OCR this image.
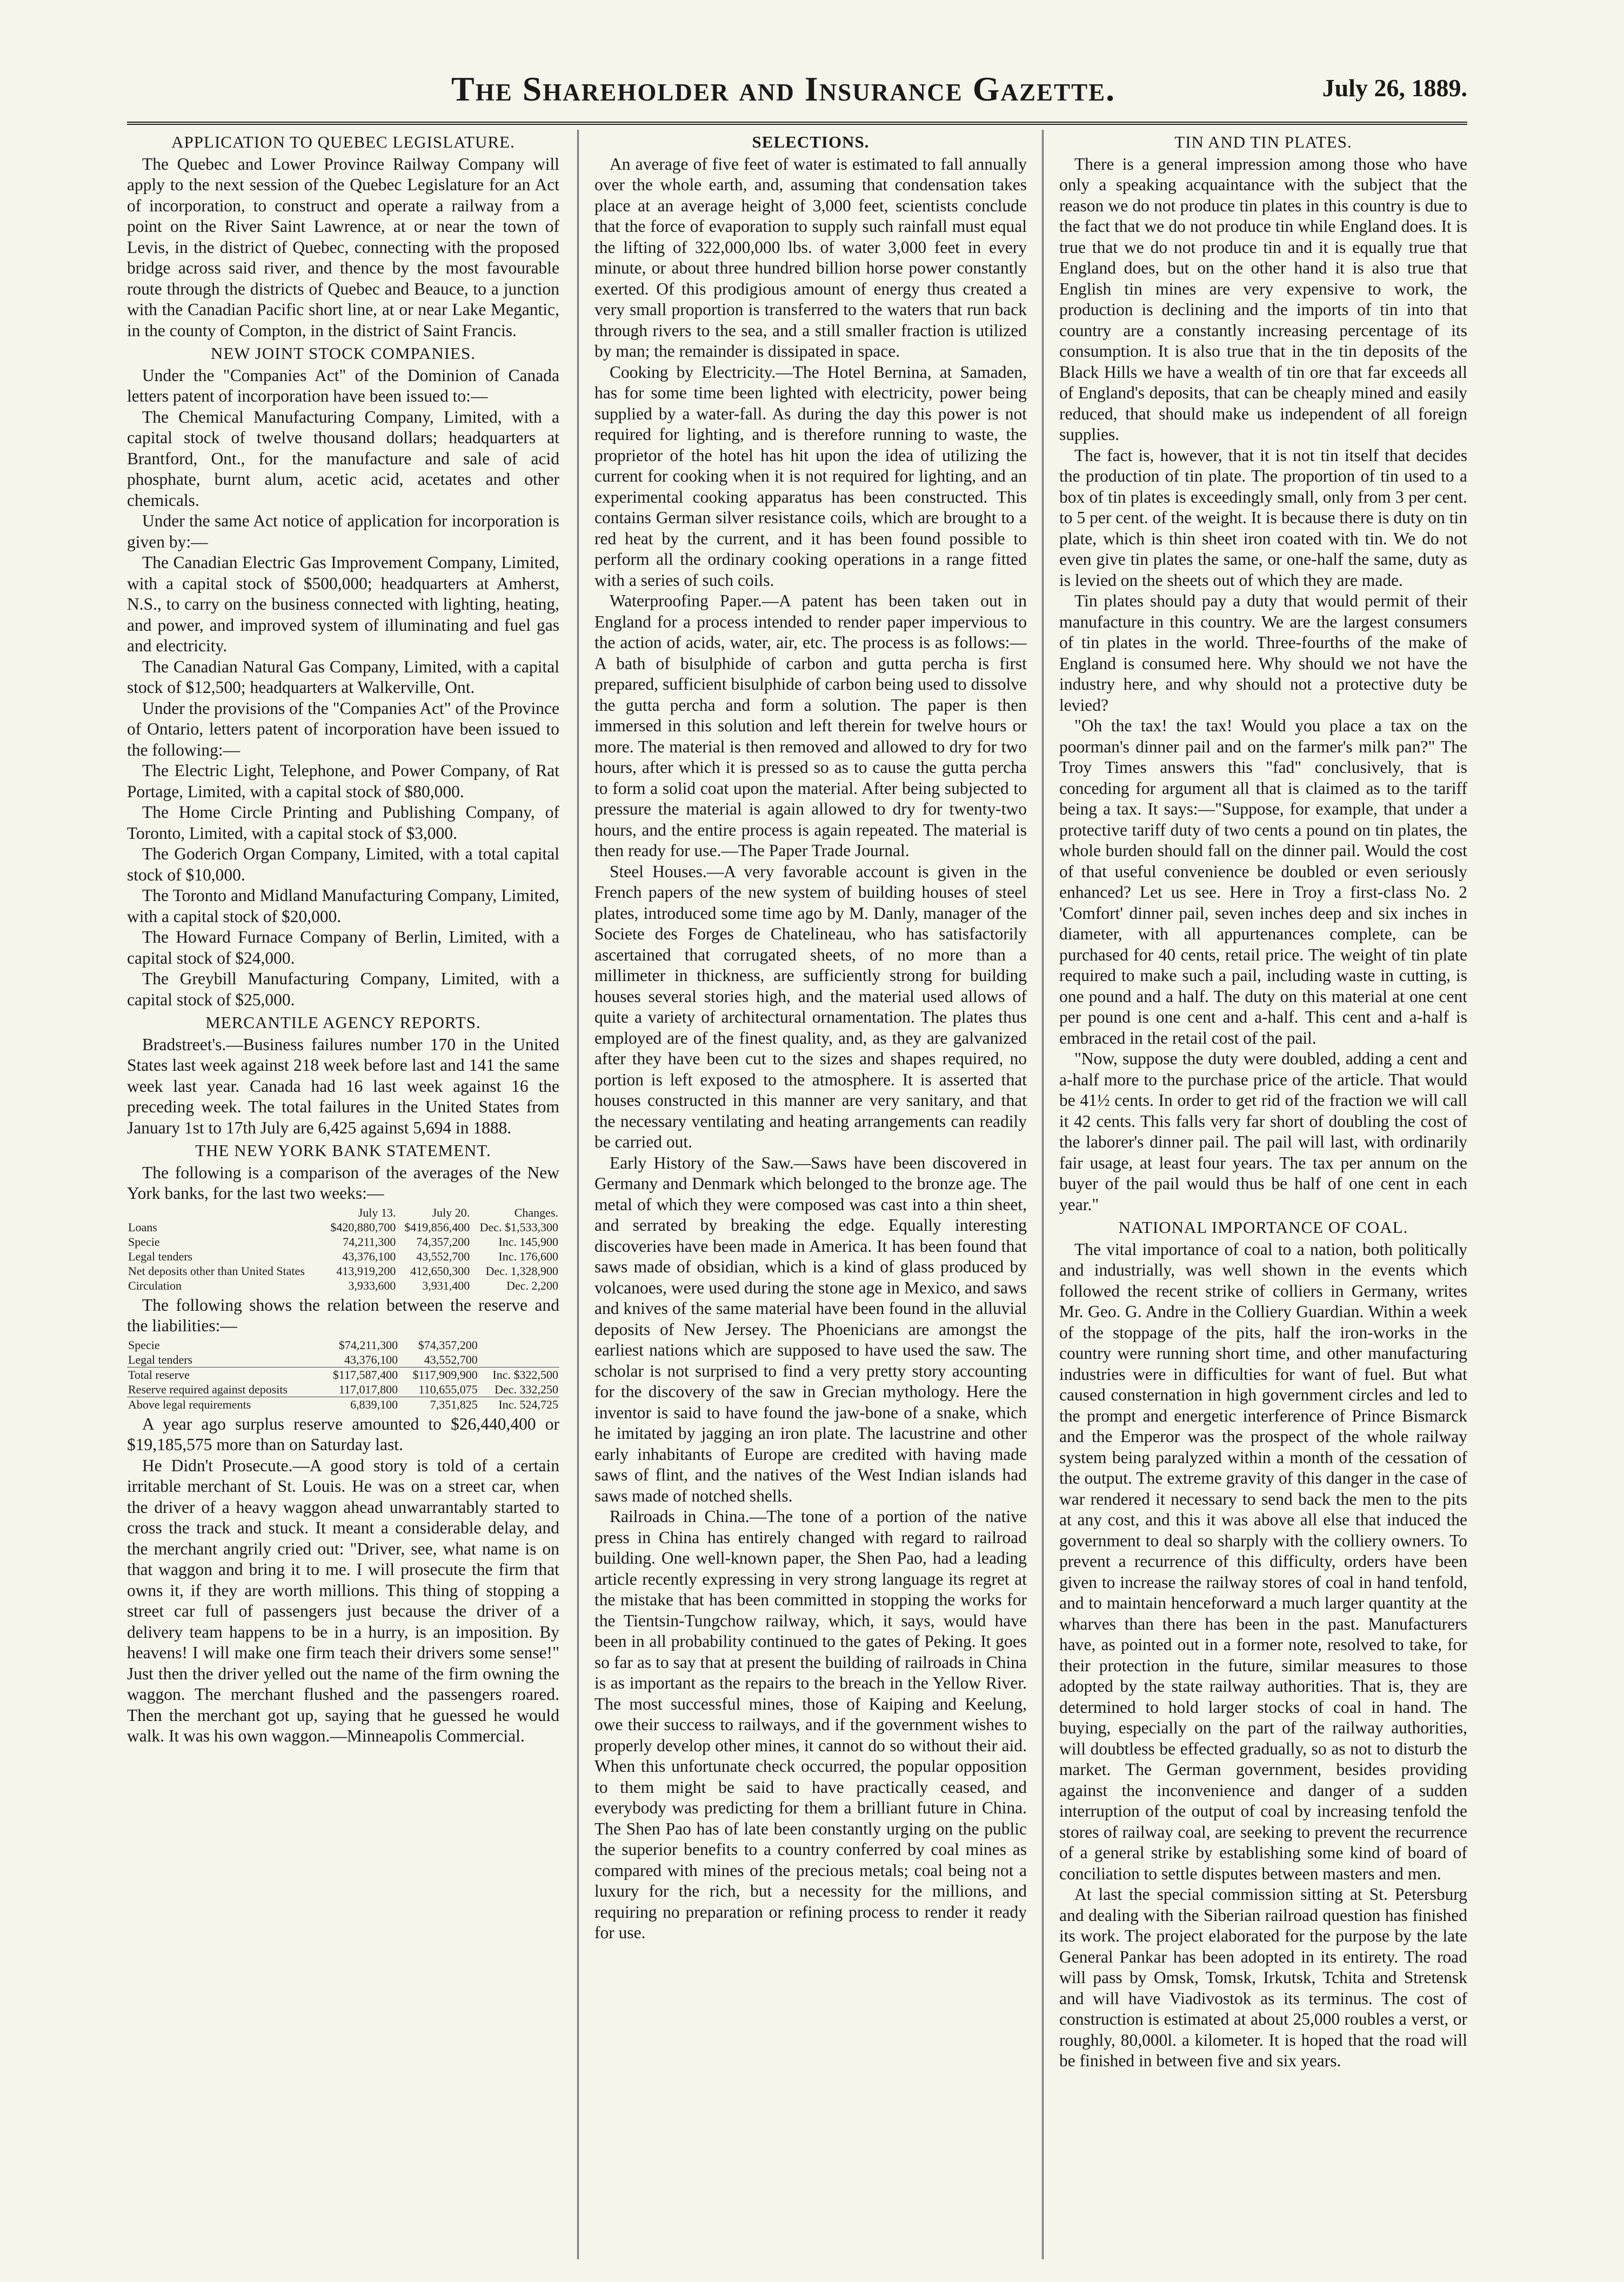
The Shareholder and Insurance Gazette.	July 26, 1889.
APPLICATION TO QUEBEC LEGISLATURE.

The Quebec and Lower Province Railway Company will apply to the next session of the Quebec Legislature for an Act of incorporation, to construct and operate a railway from a point on the River Saint Lawrence, at or near the town of Levis, in the district of Quebec, connecting with the proposed bridge across said river, and thence by the most favourable route through the districts of Quebec and Beauce, to a junction with the Canadian Pacific short line, at or near Lake Megantic, in the county of Compton, in the district of Saint Francis.

NEW JOINT STOCK COMPANIES.

Under the "Companies Act" of the Dominion of Canada letters patent of incorporation have been issued to:—

The Chemical Manufacturing Company, Limited, with a capital stock of twelve thousand dollars; headquarters at Brantford, Ont., for the manufacture and sale of acid phosphate, burnt alum, acetic acid, acetates and other chemicals.

Under the same Act notice of application for incorporation is given by:—

The Canadian Electric Gas Improvement Company, Limited, with a capital stock of $500,000; headquarters at Amherst, N.S., to carry on the business connected with lighting, heating, and power, and improved system of illuminating and fuel gas and electricity.

The Canadian Natural Gas Company, Limited, with a capital stock of $12,500; headquarters at Walkerville, Ont.

Under the provisions of the "Companies Act" of the Province of Ontario, letters patent of incorporation have been issued to the following:—

The Electric Light, Telephone, and Power Company, of Rat Portage, Limited, with a capital stock of $80,000.

The Home Circle Printing and Publishing Company, of Toronto, Limited, with a capital stock of $3,000.

The Goderich Organ Company, Limited, with a total capital stock of $10,000.

The Toronto and Midland Manufacturing Company, Limited, with a capital stock of $20,000.

The Howard Furnace Company of Berlin, Limited, with a capital stock of $24,000.

The Greybill Manufacturing Company, Limited, with a capital stock of $25,000.

MERCANTILE AGENCY REPORTS.

Bradstreet's.—Business failures number 170 in the United States last week against 218 week before last and 141 the same week last year. Canada had 16 last week against 16 the preceding week. The total failures in the United States from January 1st to 17th July are 6,425 against 5,694 in 1888.

THE NEW YORK BANK STATEMENT.

The following is a comparison of the averages of the New York banks, for the last two weeks:—

	July 13.	July 20.	Changes.
Loans	$420,880,700	$419,856,400	Dec. $1,533,300
Specie	74,211,300	74,357,200	Inc. 145,900
Legal tenders	43,376,100	43,552,700	Inc. 176,600
Net deposits other than United States	413,919,200	412,650,300	Dec. 1,328,900
Circulation	3,933,600	3,931,400	Dec. 2,200

The following shows the relation between the reserve and the liabilities:—

Specie	$74,211,300	$74,357,200	
Legal tenders	43,376,100	43,552,700	
Total reserve	$117,587,400	$117,909,900	Inc. $322,500
Reserve required against deposits	117,017,800	110,655,075	Dec. 332,250
Above legal requirements	6,839,100	7,351,825	Inc. 524,725

A year ago surplus reserve amounted to $26,440,400 or $19,185,575 more than on Saturday last.

He Didn't Prosecute.—A good story is told of a certain irritable merchant of St. Louis. He was on a street car, when the driver of a heavy waggon ahead unwarrantably started to cross the track and stuck. It meant a considerable delay, and the merchant angrily cried out: "Driver, see, what name is on that waggon and bring it to me. I will prosecute the firm that owns it, if they are worth millions. This thing of stopping a street car full of passengers just because the driver of a delivery team happens to be in a hurry, is an imposition. By heavens! I will make one firm teach their drivers some sense!" Just then the driver yelled out the name of the firm owning the waggon. The merchant flushed and the passengers roared. Then the merchant got up, saying that he guessed he would walk. It was his own waggon.—Minneapolis Commercial.

SELECTIONS.

An average of five feet of water is estimated to fall annually over the whole earth, and, assuming that condensation takes place at an average height of 3,000 feet, scientists conclude that the force of evaporation to supply such rainfall must equal the lifting of 322,000,000 lbs. of water 3,000 feet in every minute, or about three hundred billion horse power constantly exerted. Of this prodigious amount of energy thus created a very small proportion is transferred to the waters that run back through rivers to the sea, and a still smaller fraction is utilized by man; the remainder is dissipated in space.

Cooking by Electricity.—The Hotel Bernina, at Samaden, has for some time been lighted with electricity, power being supplied by a water-fall. As during the day this power is not required for lighting, and is therefore running to waste, the proprietor of the hotel has hit upon the idea of utilizing the current for cooking when it is not required for lighting, and an experimental cooking apparatus has been constructed. This contains German silver resistance coils, which are brought to a red heat by the current, and it has been found possible to perform all the ordinary cooking operations in a range fitted with a series of such coils.

Waterproofing Paper.—A patent has been taken out in England for a process intended to render paper impervious to the action of acids, water, air, etc. The process is as follows:—A bath of bisulphide of carbon and gutta percha is first prepared, sufficient bisulphide of carbon being used to dissolve the gutta percha and form a solution. The paper is then immersed in this solution and left therein for twelve hours or more. The material is then removed and allowed to dry for two hours, after which it is pressed so as to cause the gutta percha to form a solid coat upon the material. After being subjected to pressure the material is again allowed to dry for twenty-two hours, and the entire process is again repeated. The material is then ready for use.—The Paper Trade Journal.

Steel Houses.—A very favorable account is given in the French papers of the new system of building houses of steel plates, introduced some time ago by M. Danly, manager of the Societe des Forges de Chatelineau, who has satisfactorily ascertained that corrugated sheets, of no more than a millimeter in thickness, are sufficiently strong for building houses several stories high, and the material used allows of quite a variety of architectural ornamentation. The plates thus employed are of the finest quality, and, as they are galvanized after they have been cut to the sizes and shapes required, no portion is left exposed to the atmosphere. It is asserted that houses constructed in this manner are very sanitary, and that the necessary ventilating and heating arrangements can readily be carried out.

Early History of the Saw.—Saws have been discovered in Germany and Denmark which belonged to the bronze age. The metal of which they were composed was cast into a thin sheet, and serrated by breaking the edge. Equally interesting discoveries have been made in America. It has been found that saws made of obsidian, which is a kind of glass produced by volcanoes, were used during the stone age in Mexico, and saws and knives of the same material have been found in the alluvial deposits of New Jersey. The Phoenicians are amongst the earliest nations which are supposed to have used the saw. The scholar is not surprised to find a very pretty story accounting for the discovery of the saw in Grecian mythology. Here the inventor is said to have found the jaw-bone of a snake, which he imitated by jagging an iron plate. The lacustrine and other early inhabitants of Europe are credited with having made saws of flint, and the natives of the West Indian islands had saws made of notched shells.

Railroads in China.—The tone of a portion of the native press in China has entirely changed with regard to railroad building. One well-known paper, the Shen Pao, had a leading article recently expressing in very strong language its regret at the mistake that has been committed in stopping the works for the Tientsin-Tungchow railway, which, it says, would have been in all probability continued to the gates of Peking. It goes so far as to say that at present the building of railroads in China is as important as the repairs to the breach in the Yellow River. The most successful mines, those of Kaiping and Keelung, owe their success to railways, and if the government wishes to properly develop other mines, it cannot do so without their aid. When this unfortunate check occurred, the popular opposition to them might be said to have practically ceased, and everybody was predicting for them a brilliant future in China. The Shen Pao has of late been constantly urging on the public the superior benefits to a country conferred by coal mines as compared with mines of the precious metals; coal being not a luxury for the rich, but a necessity for the millions, and requiring no preparation or refining process to render it ready for use.

TIN AND TIN PLATES.

There is a general impression among those who have only a speaking acquaintance with the subject that the reason we do not produce tin plates in this country is due to the fact that we do not produce tin while England does. It is true that we do not produce tin and it is equally true that England does, but on the other hand it is also true that English tin mines are very expensive to work, the production is declining and the imports of tin into that country are a constantly increasing percentage of its consumption. It is also true that in the tin deposits of the Black Hills we have a wealth of tin ore that far exceeds all of England's deposits, that can be cheaply mined and easily reduced, that should make us independent of all foreign supplies.

The fact is, however, that it is not tin itself that decides the production of tin plate. The proportion of tin used to a box of tin plates is exceedingly small, only from 3 per cent. to 5 per cent. of the weight. It is because there is duty on tin plate, which is thin sheet iron coated with tin. We do not even give tin plates the same, or one-half the same, duty as is levied on the sheets out of which they are made.

Tin plates should pay a duty that would permit of their manufacture in this country. We are the largest consumers of tin plates in the world. Three-fourths of the make of England is consumed here. Why should we not have the industry here, and why should not a protective duty be levied?

"Oh the tax! the tax! Would you place a tax on the poorman's dinner pail and on the farmer's milk pan?" The Troy Times answers this "fad" conclusively, that is conceding for argument all that is claimed as to the tariff being a tax. It says:—"Suppose, for example, that under a protective tariff duty of two cents a pound on tin plates, the whole burden should fall on the dinner pail. Would the cost of that useful convenience be doubled or even seriously enhanced? Let us see. Here in Troy a first-class No. 2 'Comfort' dinner pail, seven inches deep and six inches in diameter, with all appurtenances complete, can be purchased for 40 cents, retail price. The weight of tin plate required to make such a pail, including waste in cutting, is one pound and a half. The duty on this material at one cent per pound is one cent and a-half. This cent and a-half is embraced in the retail cost of the pail.

"Now, suppose the duty were doubled, adding a cent and a-half more to the purchase price of the article. That would be 41½ cents. In order to get rid of the fraction we will call it 42 cents. This falls very far short of doubling the cost of the laborer's dinner pail. The pail will last, with ordinarily fair usage, at least four years. The tax per annum on the buyer of the pail would thus be half of one cent in each year."

NATIONAL IMPORTANCE OF COAL.

The vital importance of coal to a nation, both politically and industrially, was well shown in the events which followed the recent strike of colliers in Germany, writes Mr. Geo. G. Andre in the Colliery Guardian. Within a week of the stoppage of the pits, half the iron-works in the country were running short time, and other manufacturing industries were in difficulties for want of fuel. But what caused consternation in high government circles and led to the prompt and energetic interference of Prince Bismarck and the Emperor was the prospect of the whole railway system being paralyzed within a month of the cessation of the output. The extreme gravity of this danger in the case of war rendered it necessary to send back the men to the pits at any cost, and this it was above all else that induced the government to deal so sharply with the colliery owners. To prevent a recurrence of this difficulty, orders have been given to increase the railway stores of coal in hand tenfold, and to maintain henceforward a much larger quantity at the wharves than there has been in the past. Manufacturers have, as pointed out in a former note, resolved to take, for their protection in the future, similar measures to those adopted by the state railway authorities. That is, they are determined to hold larger stocks of coal in hand. The buying, especially on the part of the railway authorities, will doubtless be effected gradually, so as not to disturb the market. The German government, besides providing against the inconvenience and danger of a sudden interruption of the output of coal by increasing tenfold the stores of railway coal, are seeking to prevent the recurrence of a general strike by establishing some kind of board of conciliation to settle disputes between masters and men.

At last the special commission sitting at St. Petersburg and dealing with the Siberian railroad question has finished its work. The project elaborated for the purpose by the late General Pankar has been adopted in its entirety. The road will pass by Omsk, Tomsk, Irkutsk, Tchita and Stretensk and will have Viadivostok as its terminus. The cost of construction is estimated at about 25,000 roubles a verst, or roughly, 80,000l. a kilometer. It is hoped that the road will be finished in between five and six years.
